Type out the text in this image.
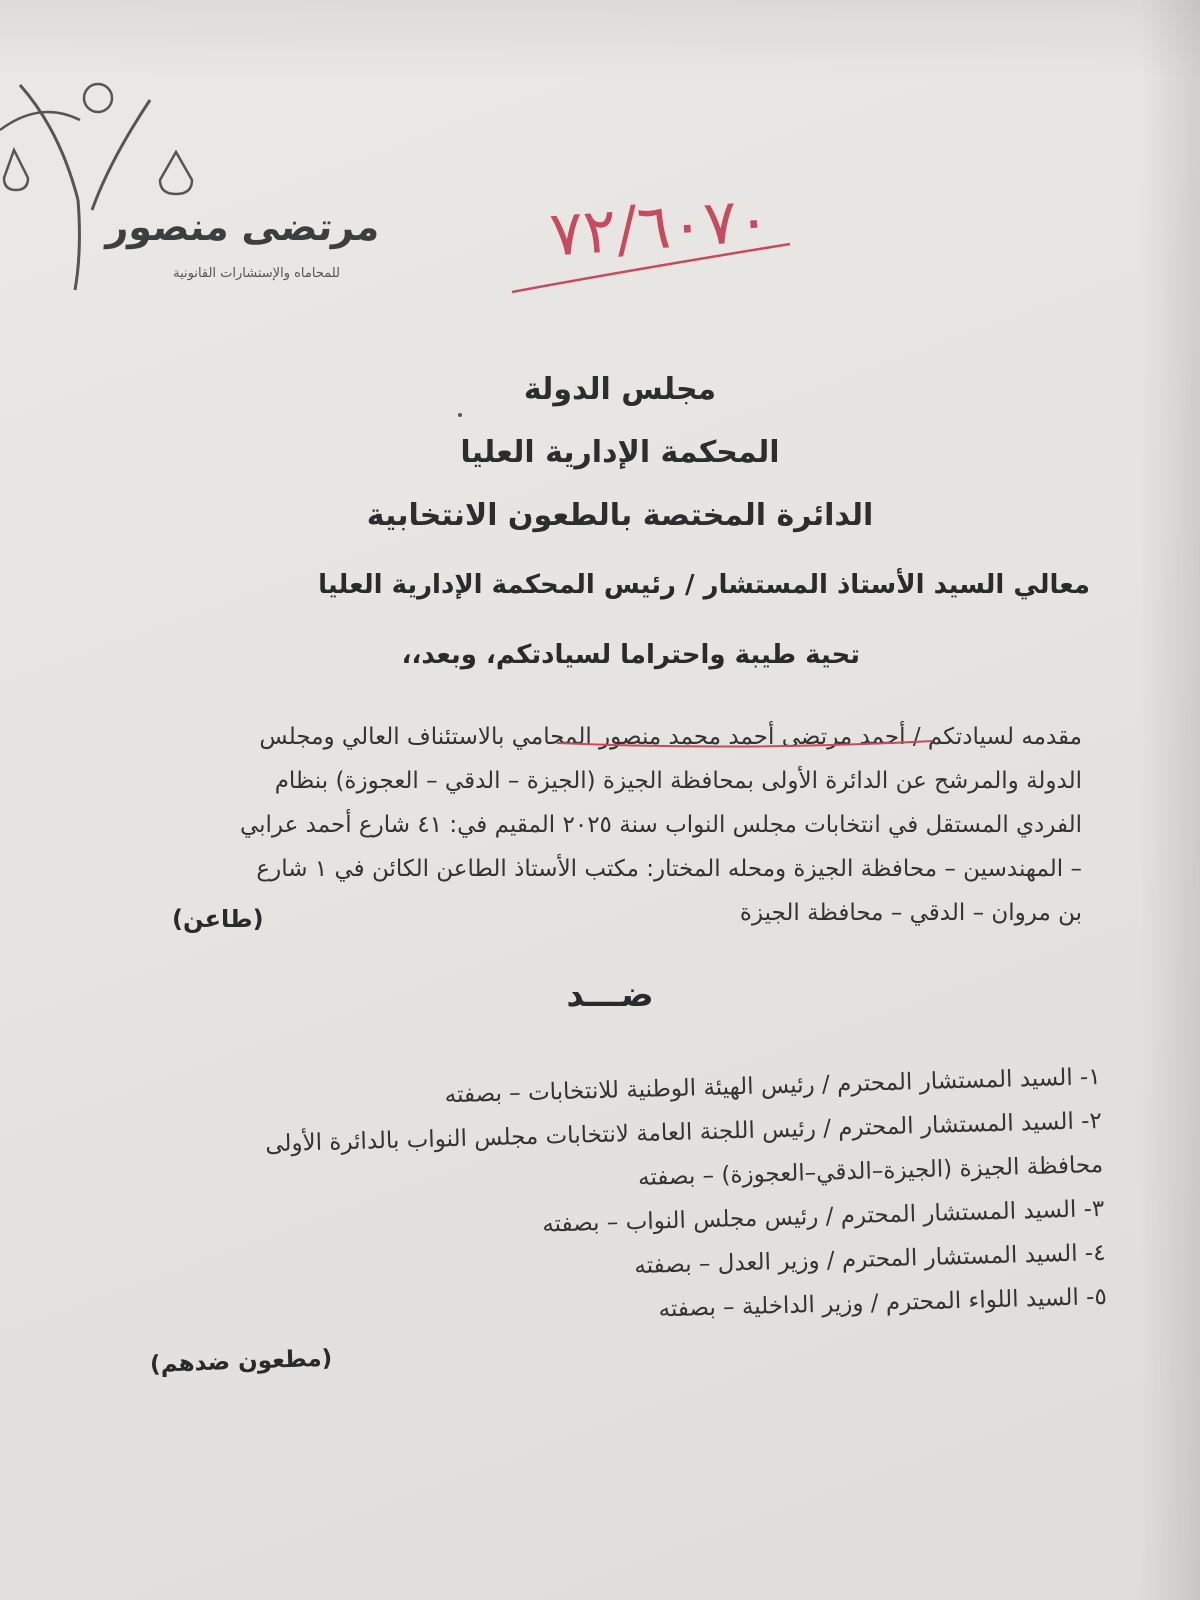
مرتضى منصور
للمحاماه والإستشارات القانونية
٧٢/٦٠٧٠
مجلس الدولة
المحكمة الإدارية العليا
الدائرة المختصة بالطعون الانتخابية
معالي السيد الأستاذ المستشار / رئيس المحكمة الإدارية العليا
تحية طيبة واحتراما لسيادتكم، وبعد،،
مقدمه لسيادتكم / أحمد مرتضى أحمد محمد منصور المحامي بالاستئناف العالي ومجلس
الدولة والمرشح عن الدائرة الأولى بمحافظة الجيزة (الجيزة – الدقي – العجوزة) بنظام
الفردي المستقل في انتخابات مجلس النواب سنة ٢٠٢٥ المقيم في: ٤١ شارع أحمد عرابي
– المهندسين – محافظة الجيزة ومحله المختار: مكتب الأستاذ الطاعن الكائن في ١ شارع
بن مروان – الدقي – محافظة الجيزة
(طاعن)
ضـــد
١- السيد المستشار المحترم / رئيس الهيئة الوطنية للانتخابات – بصفته
٢- السيد المستشار المحترم / رئيس اللجنة العامة لانتخابات مجلس النواب بالدائرة الأولى
محافظة الجيزة (الجيزة–الدقي–العجوزة) – بصفته
٣- السيد المستشار المحترم / رئيس مجلس النواب – بصفته
٤- السيد المستشار المحترم / وزير العدل – بصفته
٥- السيد اللواء المحترم / وزير الداخلية – بصفته
(مطعون ضدهم)
